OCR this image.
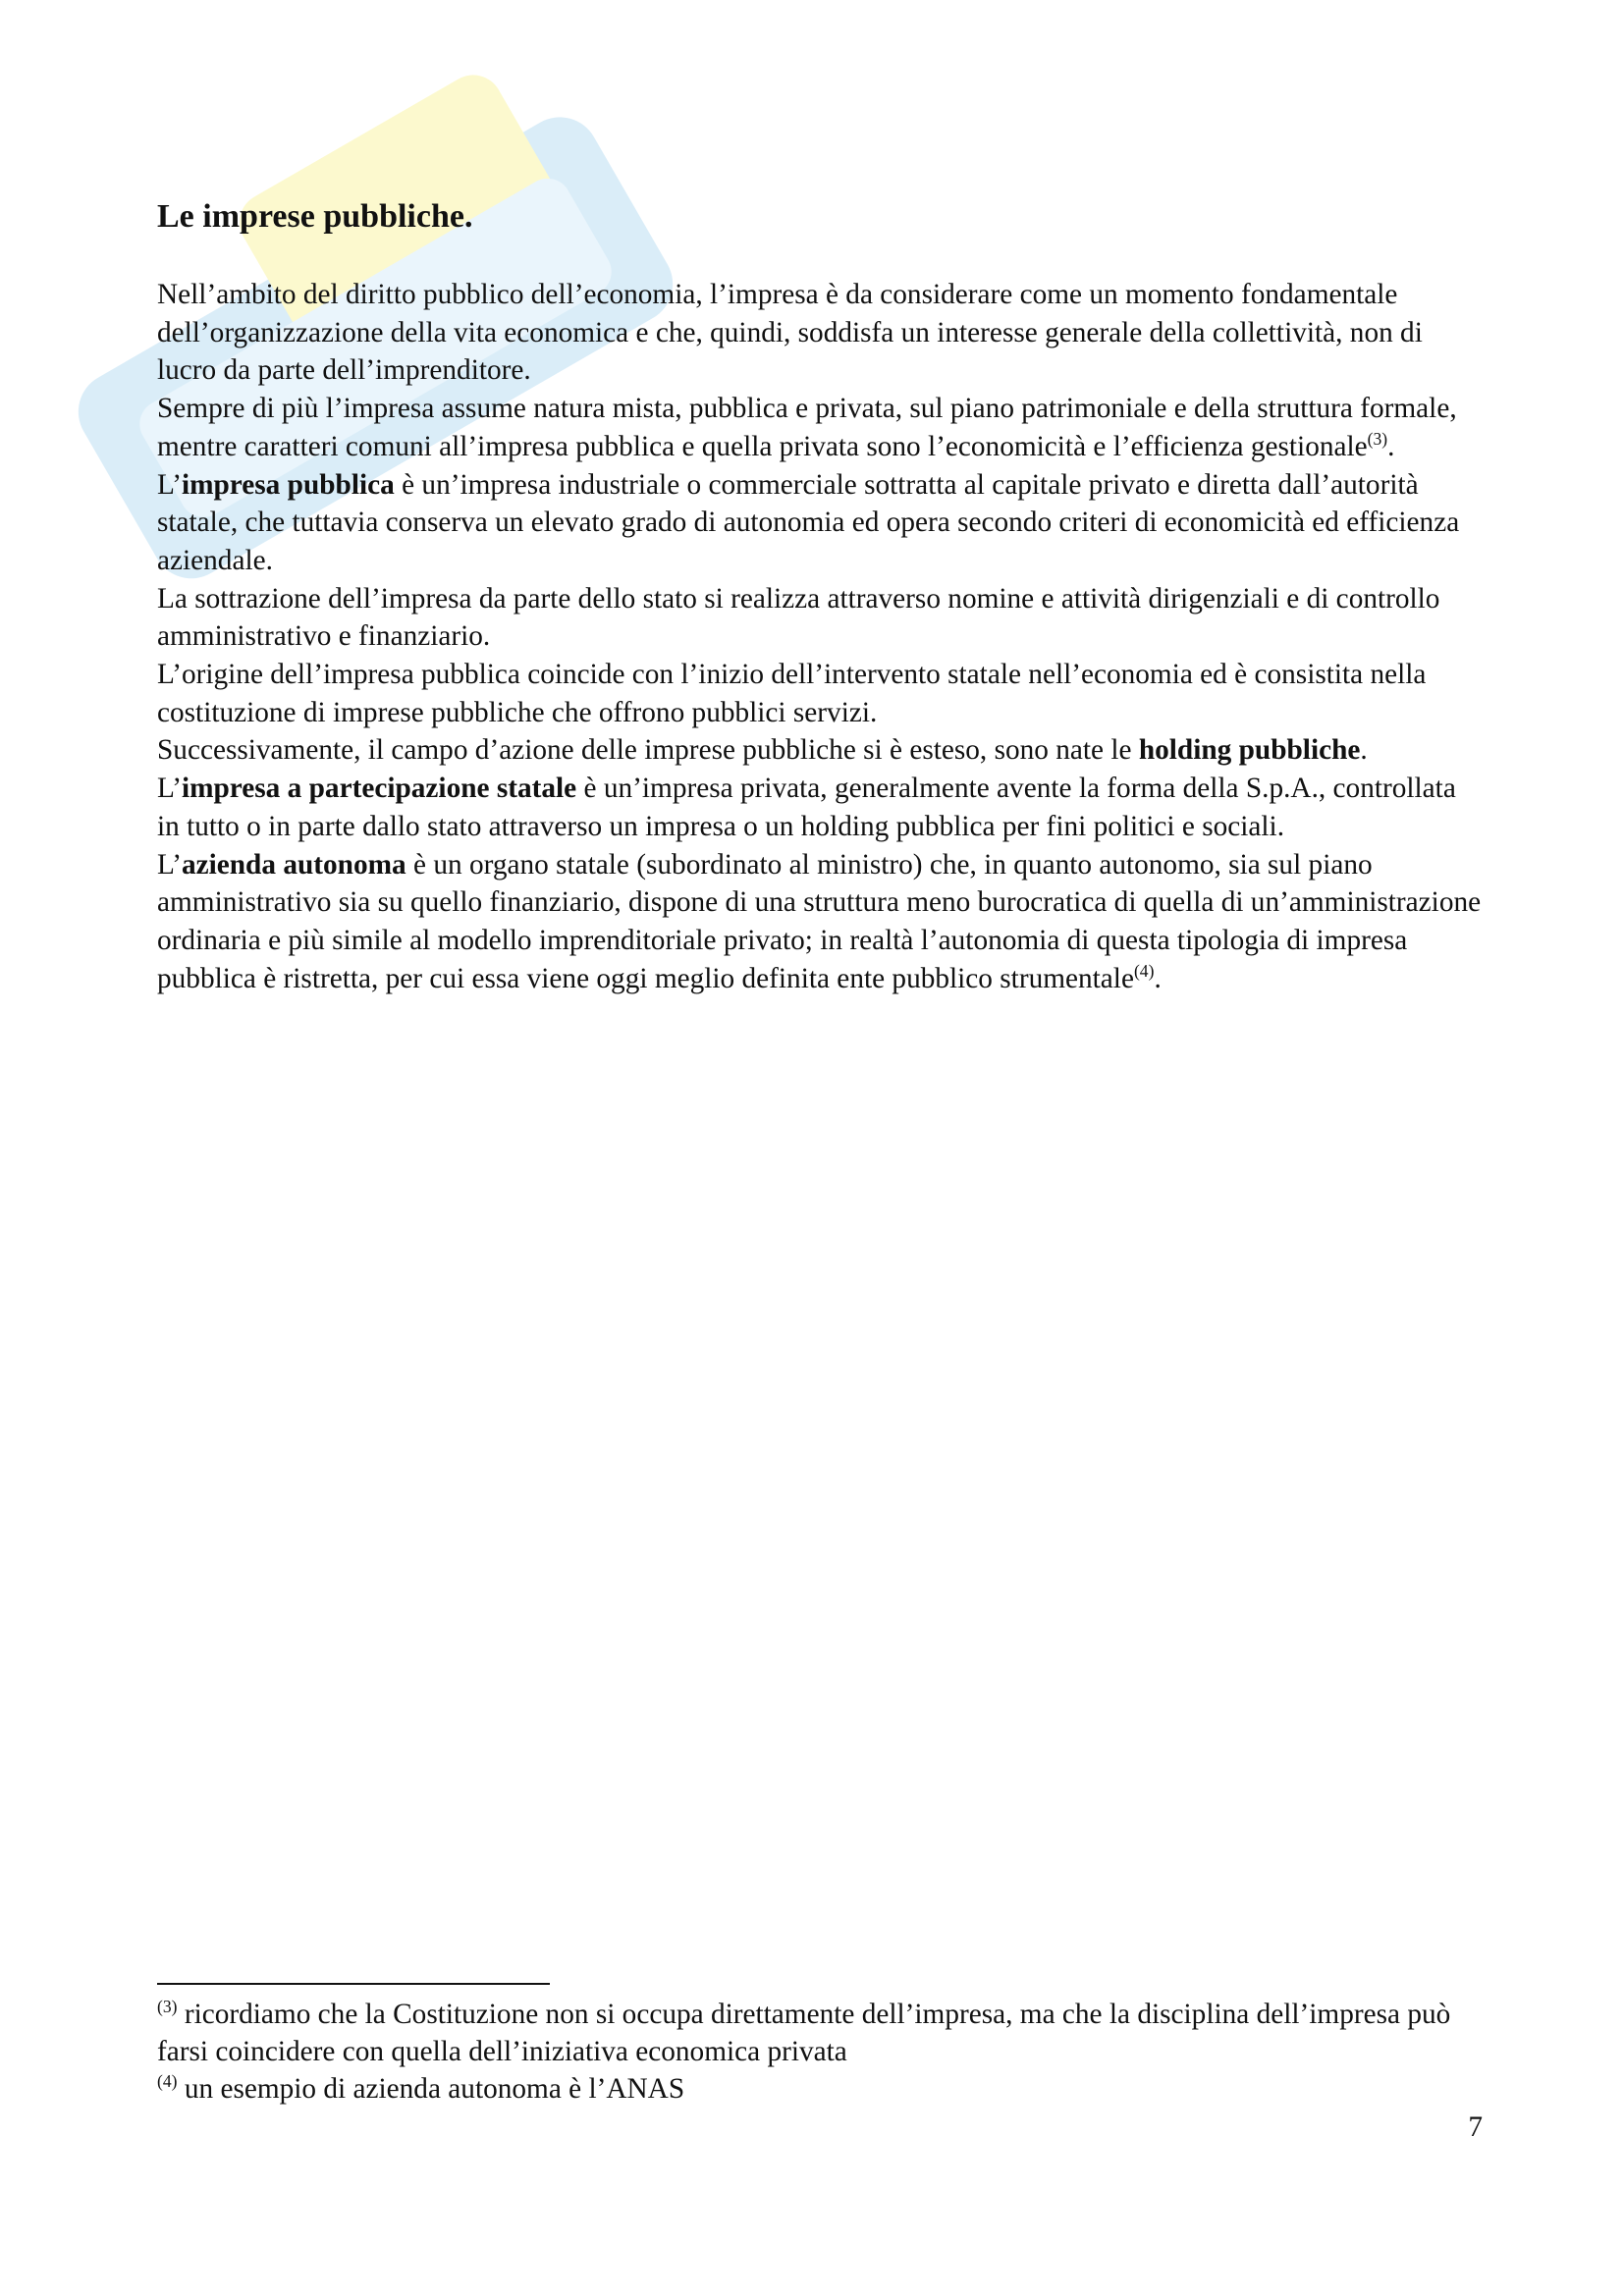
Le imprese pubbliche.

Nell’ambito del diritto pubblico dell’economia, l’impresa è da considerare come un momento fondamentale dell’organizzazione della vita economica e che, quindi, soddisfa un interesse generale della collettività, non di lucro da parte dell’imprenditore.

Sempre di più l’impresa assume natura mista, pubblica e privata, sul piano patrimoniale e della struttura formale, mentre caratteri comuni all’impresa pubblica e quella privata sono l’economicità e l’efficienza gestionale$^{(3)}$.

L’impresa pubblica è un’impresa industriale o commerciale sottratta al capitale privato e diretta dall’autorità statale, che tuttavia conserva un elevato grado di autonomia ed opera secondo criteri di economicità ed efficienza aziendale.

La sottrazione dell’impresa da parte dello stato si realizza attraverso nomine e attività dirigenziali e di controllo amministrativo e finanziario.

L’origine dell’impresa pubblica coincide con l’inizio dell’intervento statale nell’economia ed è consistita nella costituzione di imprese pubbliche che offrono pubblici servizi.

Successivamente, il campo d’azione delle imprese pubbliche si è esteso, sono nate le holding pubbliche.

L’impresa a partecipazione statale è un’impresa privata, generalmente avente la forma della S.p.A., controllata in tutto o in parte dallo stato attraverso un impresa o un holding pubblica per fini politici e sociali.

L’azienda autonoma è un organo statale (subordinato al ministro) che, in quanto autonomo, sia sul piano amministrativo sia su quello finanziario, dispone di una struttura meno burocratica di quella di un’amministrazione ordinaria e più simile al modello imprenditoriale privato; in realtà l’autonomia di questa tipologia di impresa pubblica è ristretta, per cui essa viene oggi meglio definita ente pubblico strumentale$^{(4)}$.

$^{(3)}$ ricordiamo che la Costituzione non si occupa direttamente dell’impresa, ma che la disciplina dell’impresa può farsi coincidere con quella dell’iniziativa economica privata

$^{(4)}$ un esempio di azienda autonoma è l’ANAS

7
